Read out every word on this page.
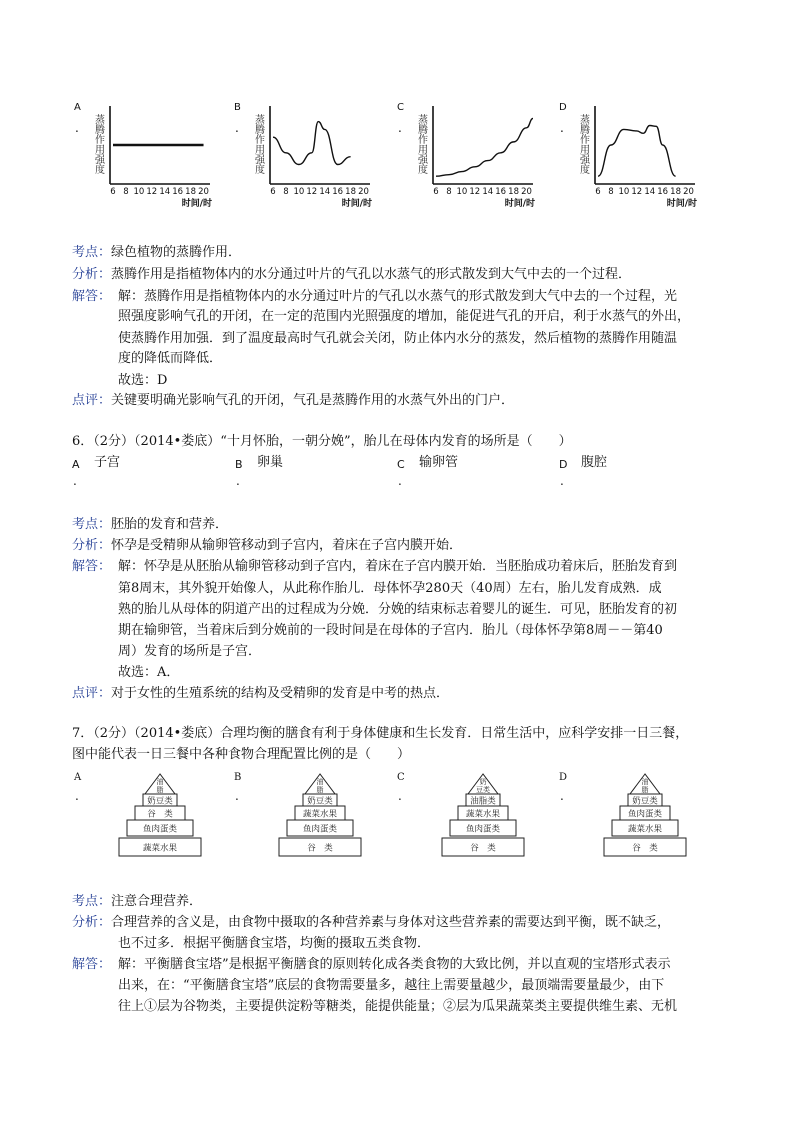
A
. 蒸腾作用强度
6 8 10 12 14 16 18 20
时间/时
B
. 蒸腾作用强度
6 8 10 12 14 16 18 20
时间/时
C
. 蒸腾作用强度
6 8 10 12 14 16 18 20
时间/时
D
. 蒸腾作用强度
6 8 10 12 14 16 18 20
时间/时
考点：绿色植物的蒸腾作用．
分析：蒸腾作用是指植物体内的水分通过叶片的气孔以水蒸气的形式散发到大气中去的一个过程．
解答： 解：蒸腾作用是指植物体内的水分通过叶片的气孔以水蒸气的形式散发到大气中去的一个过程，光
照强度影响气孔的开闭，在一定的范围内光照强度的增加，能促进气孔的开启，利于水蒸气的外出，
使蒸腾作用加强．到了温度最高时气孔就会关闭，防止体内水分的蒸发，然后植物的蒸腾作用随温
度的降低而降低．
故选：D
点评：关键要明确光影响气孔的开闭，气孔是蒸腾作用的水蒸气外出的门户．
6．（2分）（2014•娄底）“十月怀胎，一朝分娩”，胎儿在母体内发育的场所是（　　）
A 子宫
.
B 卵巢
.
C 输卵管
.
D 腹腔
.
考点：胚胎的发育和营养．
分析：怀孕是受精卵从输卵管移动到子宫内，着床在子宫内膜开始．
解答： 解：怀孕是从胚胎从输卵管移动到子宫内，着床在子宫内膜开始．当胚胎成功着床后，胚胎发育到
第8周末，其外貌开始像人，从此称作胎儿．母体怀孕280天（40周）左右，胎儿发育成熟．成
熟的胎儿从母体的阴道产出的过程成为分娩．分娩的结束标志着婴儿的诞生．可见，胚胎发育的初
期在输卵管，当着床后到分娩前的一段时间是在母体的子宫内．胎儿（母体怀孕第8周－－第40
周）发育的场所是子宫．
故选：A．
点评：对于女性的生殖系统的结构及受精卵的发育是中考的热点．
7．（2分）（2014•娄底）合理均衡的膳食有利于身体健康和生长发育．日常生活中，应科学安排一日三餐，
图中能代表一日三餐中各种食物合理配置比例的是（　　）
A
.
油
脂
奶豆类
谷　类
鱼肉蛋类
蔬菜水果
B
.
油
脂
奶豆类
蔬菜水果
鱼肉蛋类
谷　类
C
.
奶
豆类
油脂类
蔬菜水果
鱼肉蛋类
谷　类
D
.
油
脂
奶豆类
鱼肉蛋类
蔬菜水果
谷　类
考点：注意合理营养．
分析：合理营养的含义是，由食物中摄取的各种营养素与身体对这些营养素的需要达到平衡，既不缺乏，
也不过多．根据平衡膳食宝塔，均衡的摄取五类食物．
解答： 解：平衡膳食宝塔”是根据平衡膳食的原则转化成各类食物的大致比例，并以直观的宝塔形式表示
出来，在：“平衡膳食宝塔”底层的食物需要量多，越往上需要量越少，最顶端需要量最少，由下
往上①层为谷物类，主要提供淀粉等糖类，能提供能量；②层为瓜果蔬菜类主要提供维生素、无机
